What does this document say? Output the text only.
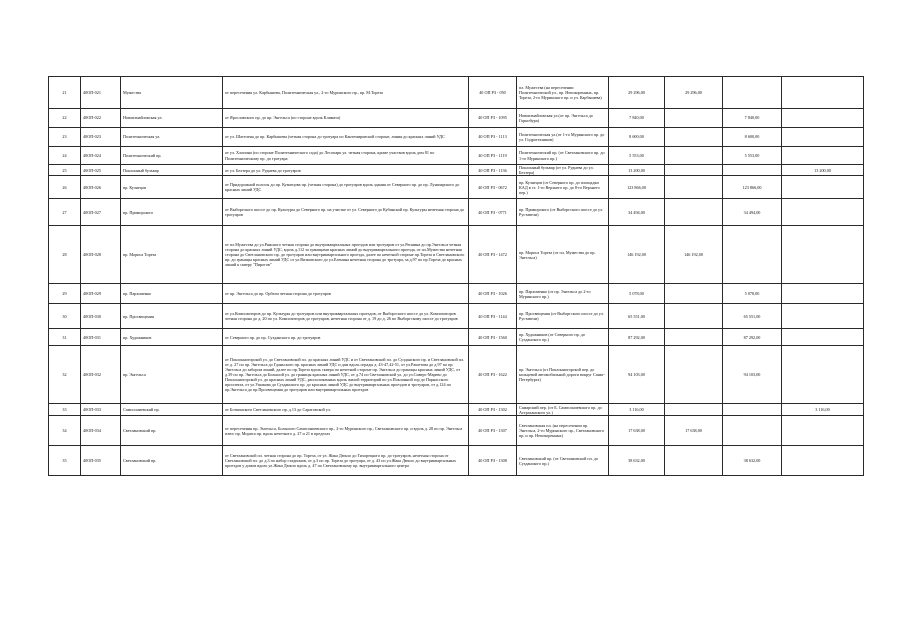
21	40ОП-021	Мужества	от пересечения ул. Карбышева, Политехническая ул., 2-го Муринского пр., пр. М.Тореза	40 ОП РЗ - 050	пл. Мужества (на пересечении Политехнической ул., пр. Непокоренных, пр. Тореза, 2-го Муринского пр. и ул. Карбышева)	29 296,00	29 296,00		
22	40ОП-022	Новоизмайловская ул.	от Ярославского пр. до пр. Энгельса (по стороне вдоль Климата)	40 ОП РЗ - 1095	Новоизмайловская ул.(от пр. Энгельса до Горнобура)	7 840,00		7 840,00	
23	40ОП-023	Политехническая ул.	от ул. Шателена до пр. Карбышева (четная сторона до тротуара по Кантемировской стороне, линия до красных линий УДС	40 ОП РЗ - 1113	Политехническая ул.(от 1-го Муринского пр. до ул. Гидротехников)	8 600,00		8 600,00	
24	40ОП-024	Политехнический пр.	от ул. Хлопина (по стороне Политехнического сада) до Лесопарк ул. четная сторона, кроме участков вдоль дом 81 по Политехническому пр. до тротуара	40 ОП РЗ - 1119	Политехнический пр. (от Светлановского пр. до 1-го Муринского пр.)	5 553,00		5 553,00	
25	40ОП-025	Поклонный бульвар	от ул. Бехтера до ул. Руднева до тротуаров	40 ОП РЗ - 1136	Поклонный бульвар (от ул. Руднева до ул. Бехтера)	13 200,00			13 200,00
26	40ОП-026	пр. Кузнецов	от Придорожной полосы до пр. Кузнецова пр. (четная сторона) до тротуаров вдоль здания от Северного пр. до пр. Луначарского до красных линий УДС	40 ОП РЗ - 0672	пр. Кузнецов (от Северного пр. до площадки КАД в ст. 1-го Верхнего пр. до 8-го Верхнего пер.)	123 866,00		123 866,00	
27	40ОП-027	пр. Приморского	от Выборгского шоссе до пр. Культуры до Северного пр. на участке от ул. Северного до Кубинской пр. Культуры нечетная сторона до тротуаров	40 ОП РЗ - 0771	пр. Приморского (от Выборгского шоссе до ул. Руставели)	34 494,00		34 494,00	
28	40ОП-028	пр. Мориса Тореза	от пл.Мужества до ул.Ряжского четная сторона до внутриквартальных проездов или тротуаров от ул.Репнина до пр.Энгельса четная сторона до красных линий УДС, вдоль д.112 за границами красных линий до внутриквартального проезда, от пл.Мужества нечетная сторона до Светлановского пр. до тротуаров или внутриквартального проезда, далее по нечетной стороне пр.Тореза и Светлановского пр. до границы красных линий УДС от ул.Витковского до ул.Еленина нечетная сторона до тротуара, за д.97 по пр.Тореза до красных линий к скверу "Пирогов"	40 ОП РЗ - 1472	пр. Мориса Тореза (от пл. Мужества до пр. Энгельса)	146 192,00	146 192,00		
29	40ОП-029	пр. Пархоменко	от пр. Энгельса до пр. Орбели четная сторона до тротуаров	40 ОП РЗ - 1026	пр. Пархоменко (от пр. Энгельса до 2-го Муринского пр.)	5 078,00		5 078,00	
30	40ОП-030	пр. Просвещения	от ул.Композиторов до пр. Культуры до тротуаров или внутриквартальных проездов, от Выборгского шоссе до ул. Композиторов четная сторона до д. 20 по ул. Композиторов до тротуаров, нечетная сторона от д. 19 до д. 26 по Выборгскому шоссе до тротуаров	40 ОП РЗ - 1144	пр. Просвещения (от Выборгского шоссе до ул. Руставели)	65 551,00		65 551,00	
31	40ОП-031	пр. Художников	от Северного пр. до пр. Сузданского пр. до тротуаров	40 ОП РЗ - 1560	пр. Художников (от Северного пр. до Сузданского пр.)	87 292,00		87 292,00	
32	40ОП-032	пр. Энгельса	от Поклонногорской ул. до Светлановской пл. до красных линий УДС и от Светлановской пл. до Сузданского пр. и Светлановской пл. от д. 27 по пр. Энгельса до Гданьского пр. красных линий УДС и дам вдоль ограды д. 43-47,42-51, от ул.Рашетова до д.97 по пр. Энгельса до забором линий, далее по пр.Тореза вдоль сквера по нечетной стороне пр. Энгельса до границы красных линий УДС, от д.39 по пр. Энгельса до Большой ул. до границы красных линий УДС, от д.74 по Светлановской ул. до ул.Сиверс-Марево до Поклонногорской ул. до красных линий УДС, расположенных вдоль жилой территорий по ул.Поклонной гор до Парнасского проспекта, от ул.Ушакова до Сузданского пр. до красных линий УДС до внутриквартальных проездов и тротуаров, от д.124 по пр.Энгельса до пр.Просвещения до тротуаров или внутриквартальных проездов	40 ОП РЗ - 1622	пр. Энгельса (от Поклонногорской пер. до кольцевой автомобильной дороги вокруг Санкт-Петербурга)	94 103,00		94 103,00	
33	40ОП-033	Сампсониевский пр.	от Боткинского Светлановского пр. д.13 до Саратовской ул.	40 ОП РЗ - 1302	Самарский пер. (от Б. Сампсониевского пр. до Астраханского ул.)	3 116,00			3 116,00
34	40ОП-034	Светлановский пр.	от пересечения пр. Энгельса, Большого Сампсониевского пр., 2-го Муринского пр., Светлановского пр. и вдоль д. 28 по пр. Энгельса плюс пр. Мориса пр. вдоль нечетного д. 27 и 21 в пределах	40 ОП РЗ - 1307	Светлановская пл. (на пересечении пр. Энгельса, 2-го Муринского пр., Светлановского пр. и пр. Непокоренных)	17 638,00	17 638,00		
35	40ОП-035	Светлановский пр.	от Светлановской пл. четная сторона до пр. Тореза, от ул. Жака Дюкло до Тихорецкого пр. до тротуаров, нечетная сторона от Светлановской пл. до д.3 по набор стадионов, от д.3 по пр. Тореза до тротуара, от д. 43 по ул.Жака Дюкло до внутриквартальных проездов у домов вдоль ул.Жака Дюкло вдоль д. 47 по Светлановскому пр. внутриквартального центра	40 ОП РЗ - 1308	Светлановский пр. (от Светлановской пл. до Сузданского пр.)	38 632,00		38 632,00	
